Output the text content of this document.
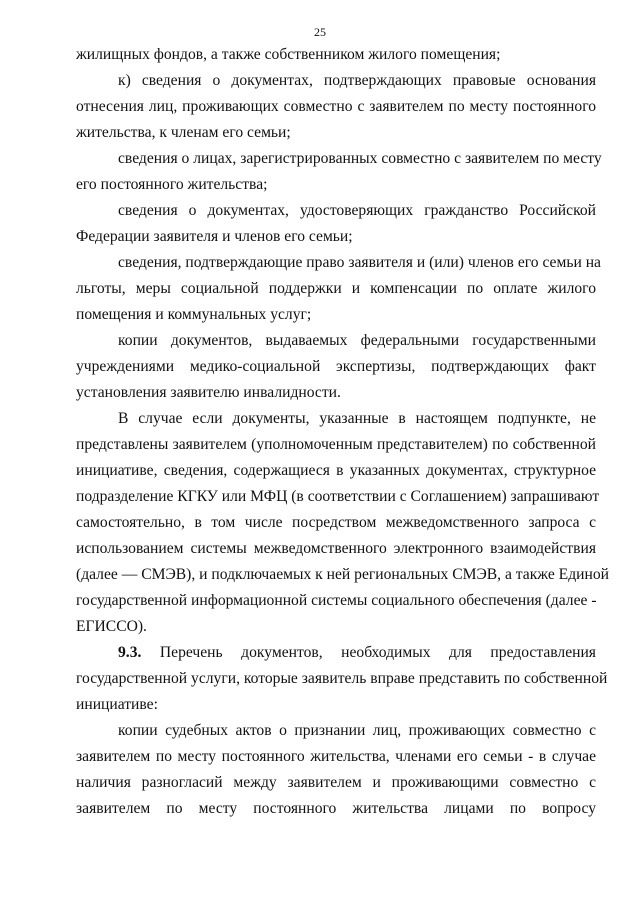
25
жилищных фондов, а также собственником жилого помещения;
к) сведения о документах, подтверждающих правовые основания
отнесения лиц, проживающих совместно с заявителем по месту постоянного
жительства, к членам его семьи;
сведения о лицах, зарегистрированных совместно с заявителем по месту
его постоянного жительства;
сведения о документах, удостоверяющих гражданство Российской
Федерации заявителя и членов его семьи;
сведения, подтверждающие право заявителя и (или) членов его семьи на
льготы, меры социальной поддержки и компенсации по оплате жилого
помещения и коммунальных услуг;
копии документов, выдаваемых федеральными государственными
учреждениями медико-социальной экспертизы, подтверждающих факт
установления заявителю инвалидности.
В случае если документы, указанные в настоящем подпункте, не
представлены заявителем (уполномоченным представителем) по собственной
инициативе, сведения, содержащиеся в указанных документах, структурное
подразделение КГКУ или МФЦ (в соответствии с Соглашением) запрашивают
самостоятельно, в том числе посредством межведомственного запроса с
использованием системы межведомственного электронного взаимодействия
(далее — СМЭВ), и подключаемых к ней региональных СМЭВ, а также Единой
государственной информационной системы социального обеспечения (далее -
ЕГИССО).
9.3. Перечень документов, необходимых для предоставления
государственной услуги, которые заявитель вправе представить по собственной
инициативе:
копии судебных актов о признании лиц, проживающих совместно с
заявителем по месту постоянного жительства, членами его семьи - в случае
наличия разногласий между заявителем и проживающими совместно с
заявителем по месту постоянного жительства лицами по вопросу
